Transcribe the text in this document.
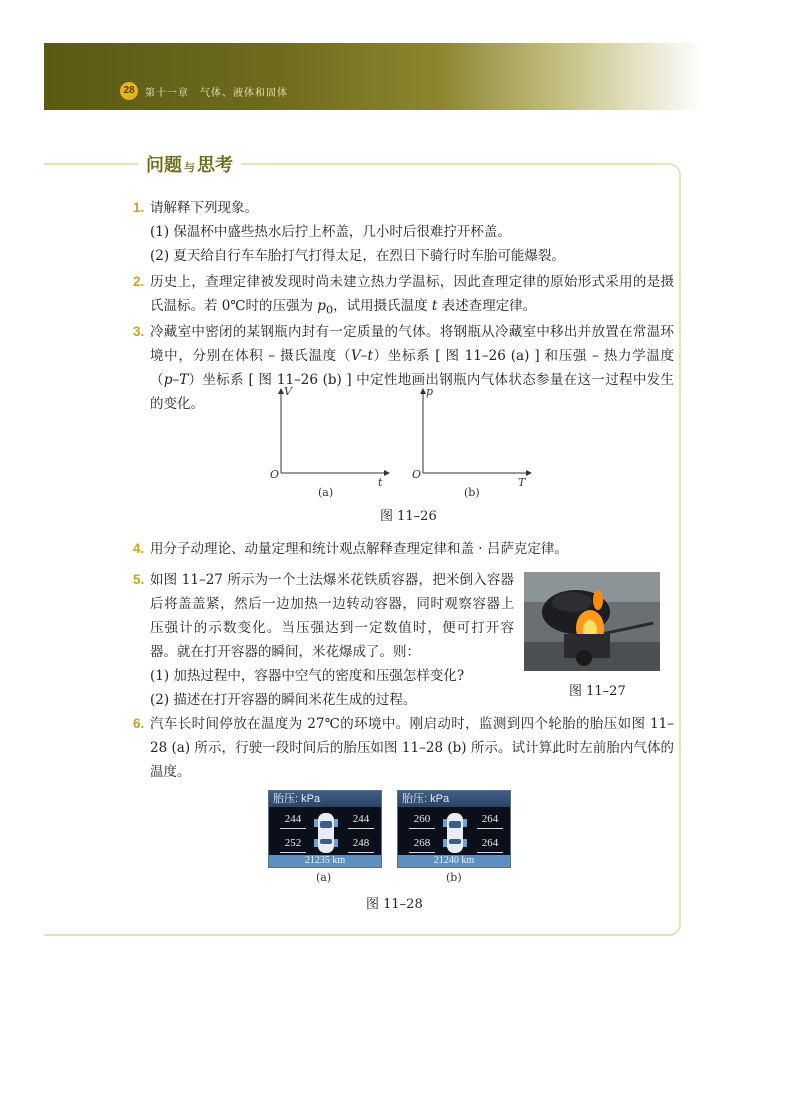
28	第十一章　气体、液体和固体
问题 与 思考
1. 请解释下列现象。
(1) 保温杯中盛些热水后拧上杯盖，几小时后很难拧开杯盖。
(2) 夏天给自行车车胎打气打得太足，在烈日下骑行时车胎可能爆裂。
2. 历史上，查理定律被发现时尚未建立热力学温标，因此查理定律的原始形式采用的是摄氏温标。若 0℃时的压强为 $p_0$，试用摄氏温度 t 表述查理定律。
3. 冷藏室中密闭的某钢瓶内封有一定质量的气体。将钢瓶从冷藏室中移出并放置在常温环境中，分别在体积 – 摄氏温度（V–t）坐标系 [ 图 11–26 (a) ] 和压强 – 热力学温度（p–T）坐标系 [ 图 11–26 (b) ] 中定性地画出钢瓶内气体状态参量在这一过程中发生的变化。
V
O
t
(a)
p
O
T
(b)
图 11–26
4. 用分子动理论、动量定理和统计观点解释查理定律和盖 · 吕萨克定律。
5. 如图 11–27 所示为一个土法爆米花铁质容器，把米倒入容器后将盖盖紧，然后一边加热一边转动容器，同时观察容器上压强计的示数变化。当压强达到一定数值时，便可打开容器。就在打开容器的瞬间，米花爆成了。则：
(1) 加热过程中，容器中空气的密度和压强怎样变化?
(2) 描述在打开容器的瞬间米花生成的过程。
图 11–27
6. 汽车长时间停放在温度为 27℃的环境中。刚启动时，监测到四个轮胎的胎压如图 11–28 (a) 所示，行驶一段时间后的胎压如图 11–28 (b) 所示。试计算此时左前胎内气体的温度。
胎压: kPa
244	244
252	248
21235 km
(a)
胎压: kPa
260	264
268	264
21240 km
(b)
图 11–28
